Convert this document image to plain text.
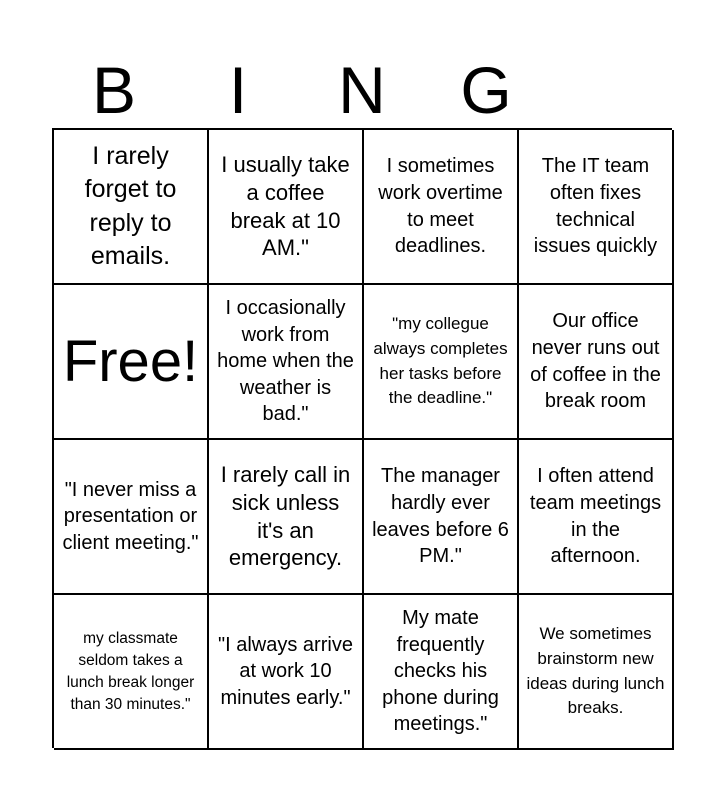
B	I	N	G
I rarely forget to reply to emails.
I usually take a coffee break at 10 AM."
I sometimes work overtime to meet deadlines.
The IT team often fixes technical issues quickly
Free!
I occasionally work from home when the weather is bad."
"my collegue always completes her tasks before the deadline."
Our office never runs out of coffee in the break room
"I never miss a presentation or client meeting."
I rarely call in sick unless it's an emergency.
The manager hardly ever leaves before 6 PM."
I often attend team meetings in the afternoon.
my classmate seldom takes a lunch break longer than 30 minutes."
"I always arrive at work 10 minutes early."
My mate frequently checks his phone during meetings."
We sometimes brainstorm new ideas during lunch breaks.
